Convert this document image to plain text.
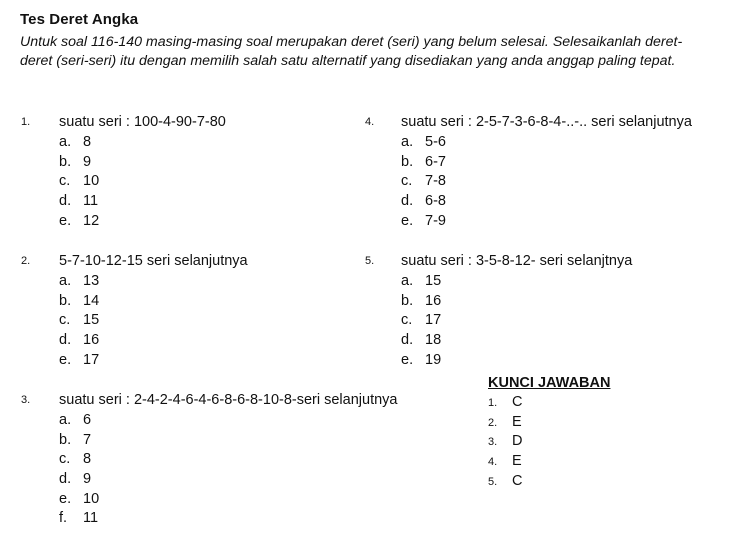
Tes Deret Angka
Untuk soal 116-140 masing-masing soal merupakan deret (seri) yang belum selesai. Selesaikanlah deret-deret (seri-seri) itu dengan memilih salah satu alternatif yang disediakan yang anda anggap paling tepat.
1. suatu seri : 100-4-90-7-80
a. 8
b. 9
c. 10
d. 11
e. 12
2. 5-7-10-12-15 seri selanjutnya
a. 13
b. 14
c. 15
d. 16
e. 17
3. suatu seri : 2-4-2-4-6-4-6-8-6-8-10-8-seri selanjutnya
a. 6
b. 7
c. 8
d. 9
e. 10
f. 11
4. suatu seri : 2-5-7-3-6-8-4-..-.. seri selanjutnya
a. 5-6
b. 6-7
c. 7-8
d. 6-8
e. 7-9
5. suatu seri : 3-5-8-12- seri selanjtnya
a. 15
b. 16
c. 17
d. 18
e. 19
KUNCI JAWABAN
1. C
2. E
3. D
4. E
5. C
